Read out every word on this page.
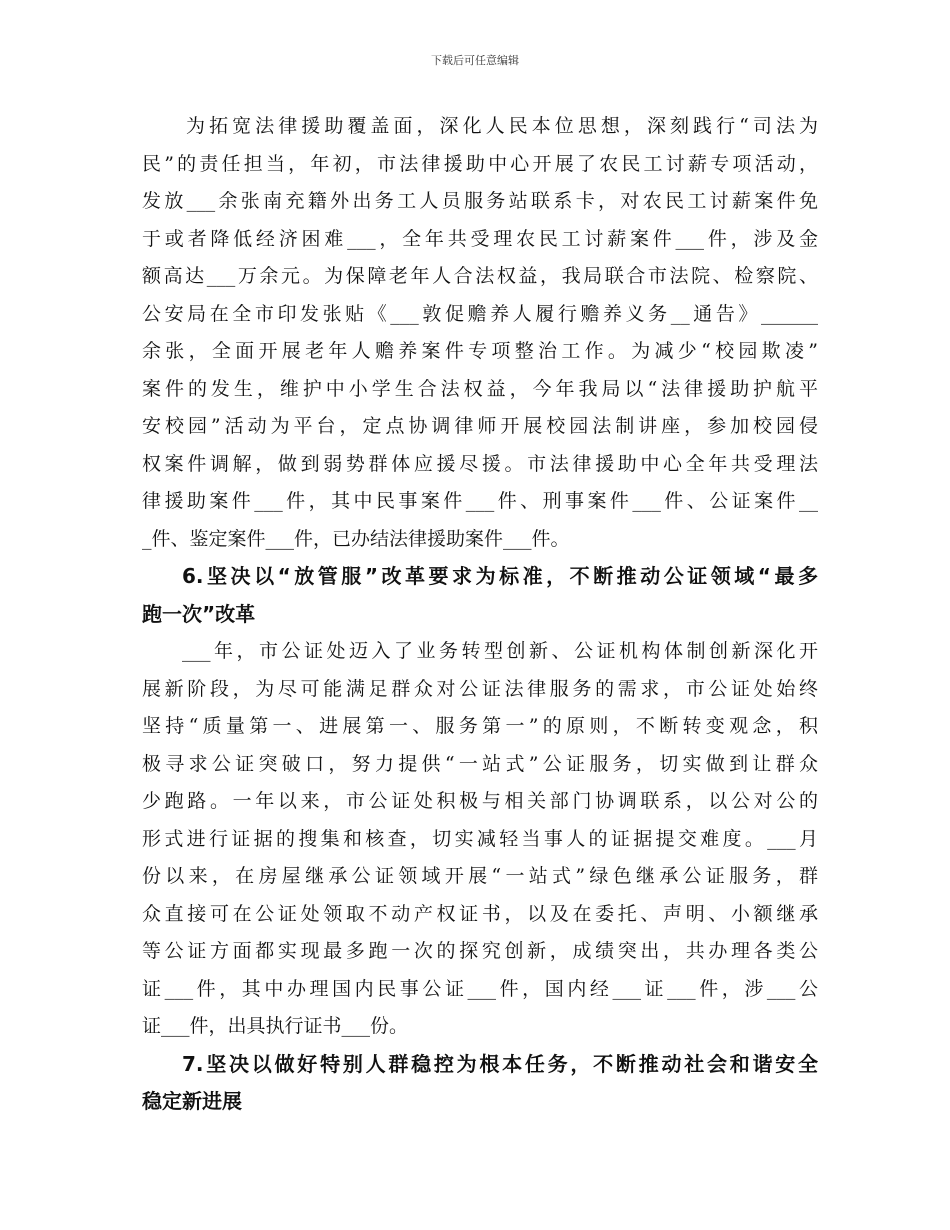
下载后可任意编辑
为拓宽法律援助覆盖面，深化人民本位思想，深刻践行“司法为
民”的责任担当，年初，市法律援助中心开展了农民工讨薪专项活动，
发放___余张南充籍外出务工人员服务站联系卡，对农民工讨薪案件免
于或者降低经济困难___，全年共受理农民工讨薪案件___件，涉及金
额高达___万余元。为保障老年人合法权益，我局联合市法院、检察院、
公安局在全市印发张贴《___敦促赡养人履行赡养义务__通告》______
余张，全面开展老年人赡养案件专项整治工作。为减少“校园欺凌”
案件的发生，维护中小学生合法权益，今年我局以“法律援助护航平
安校园”活动为平台，定点协调律师开展校园法制讲座，参加校园侵
权案件调解，做到弱势群体应援尽援。市法律援助中心全年共受理法
律援助案件___件，其中民事案件___件、刑事案件___件、公证案件__
_件、鉴定案件___件，已办结法律援助案件___件。
6.坚决以“放管服”改革要求为标准，不断推动公证领域“最多
跑一次”改革
___年，市公证处迈入了业务转型创新、公证机构体制创新深化开
展新阶段，为尽可能满足群众对公证法律服务的需求，市公证处始终
坚持“质量第一、进展第一、服务第一”的原则，不断转变观念，积
极寻求公证突破口，努力提供“一站式”公证服务，切实做到让群众
少跑路。一年以来，市公证处积极与相关部门协调联系，以公对公的
形式进行证据的搜集和核查，切实减轻当事人的证据提交难度。___月
份以来，在房屋继承公证领域开展“一站式”绿色继承公证服务，群
众直接可在公证处领取不动产权证书，以及在委托、声明、小额继承
等公证方面都实现最多跑一次的探究创新，成绩突出，共办理各类公
证___件，其中办理国内民事公证___件，国内经___证___件，涉___公
证___件，出具执行证书___份。
7.坚决以做好特别人群稳控为根本任务，不断推动社会和谐安全
稳定新进展
